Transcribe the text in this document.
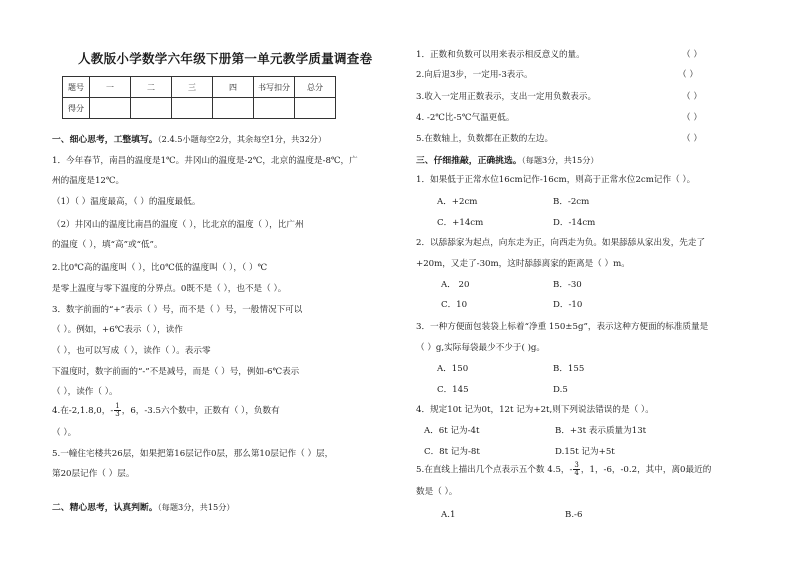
人教版小学数学六年级下册第一单元教学质量调查卷
题号	一	二	三	四	书写扣分	总分
得分						
一、细心思考，工整填写。（2.4.5小题每空2分，其余每空1分，共32分）
1．今年春节，南昌的温度是1℃。井冈山的温度是-2℃，北京的温度是-8℃，广
州的温度是12℃。
（1）（ ）温度最高，（ ）的温度最低。
（2）井冈山的温度比南昌的温度（ ），比北京的温度（ ），比广州
的温度（ ），填“高”或“低”。
2.比0℃高的温度叫（ ），比0℃低的温度叫（ ），（ ）℃
是零上温度与零下温度的分界点。0既不是（ ），也不是（ ）。
3．数字前面的“+”表示（ ）号，而不是（ ）号，一般情况下可以
（ ）。例如，+6℃表示（ ），读作
（ ），也可以写成（ ），读作（ ）。表示零
下温度时，数字前面的“-”不是减号，而是（ ）号，例如-6℃表示
（ ），读作（ ）。
4.在-2,1.8,0，- $\frac{1}{3}$ ，6，-3.5六个数中，正数有（ ），负数有
（ ）。
5.一幢住宅楼共26层，如果把第16层记作0层，那么第10层记作（ ）层，
第20层记作（ ）层。
二、精心思考，认真判断。（每题3分，共15分）
1．正数和负数可以用来表示相反意义的量。	（ ）
2.向后退3步，一定用-3表示。	（ ）
3.收入一定用正数表示，支出一定用负数表示。	（ ）
4. -2℃比-5℃气温更低。	（ ）
5.在数轴上，负数都在正数的左边。	（ ）
三、仔细推敲，正确挑选。（每题3分，共15分）
1．如果低于正常水位16cm记作-16cm，则高于正常水位2cm记作（ ）。
A．+2cm	B．-2cm
C．+14cm	D．-14cm
2．以舔舔家为起点，向东走为正，向西走为负。如果舔舔从家出发，先走了
+20m，又走了-30m，这时舔舔离家的距离是（ ）m。
A． 20	B．-30
C．10	D．-10
3．一种方便面包装袋上标着“净重 150±5g”，表示这种方便面的标准质量是
（ ）g,实际每袋最少不少于( )g。
A．150	B．155
C．145	D.5
4．规定10t 记为0t，12t 记为+2t,则下列说法错误的是（ ）。
A．6t 记为-4t	B．+3t 表示质量为13t
C．8t 记为-8t	D.15t 记为+5t
5.在直线上描出几个点表示五个数 4.5，- $\frac{3}{4}$ ，1，-6，-0.2，其中，离0最近的
数是（ ）。
A.1	B.-6
